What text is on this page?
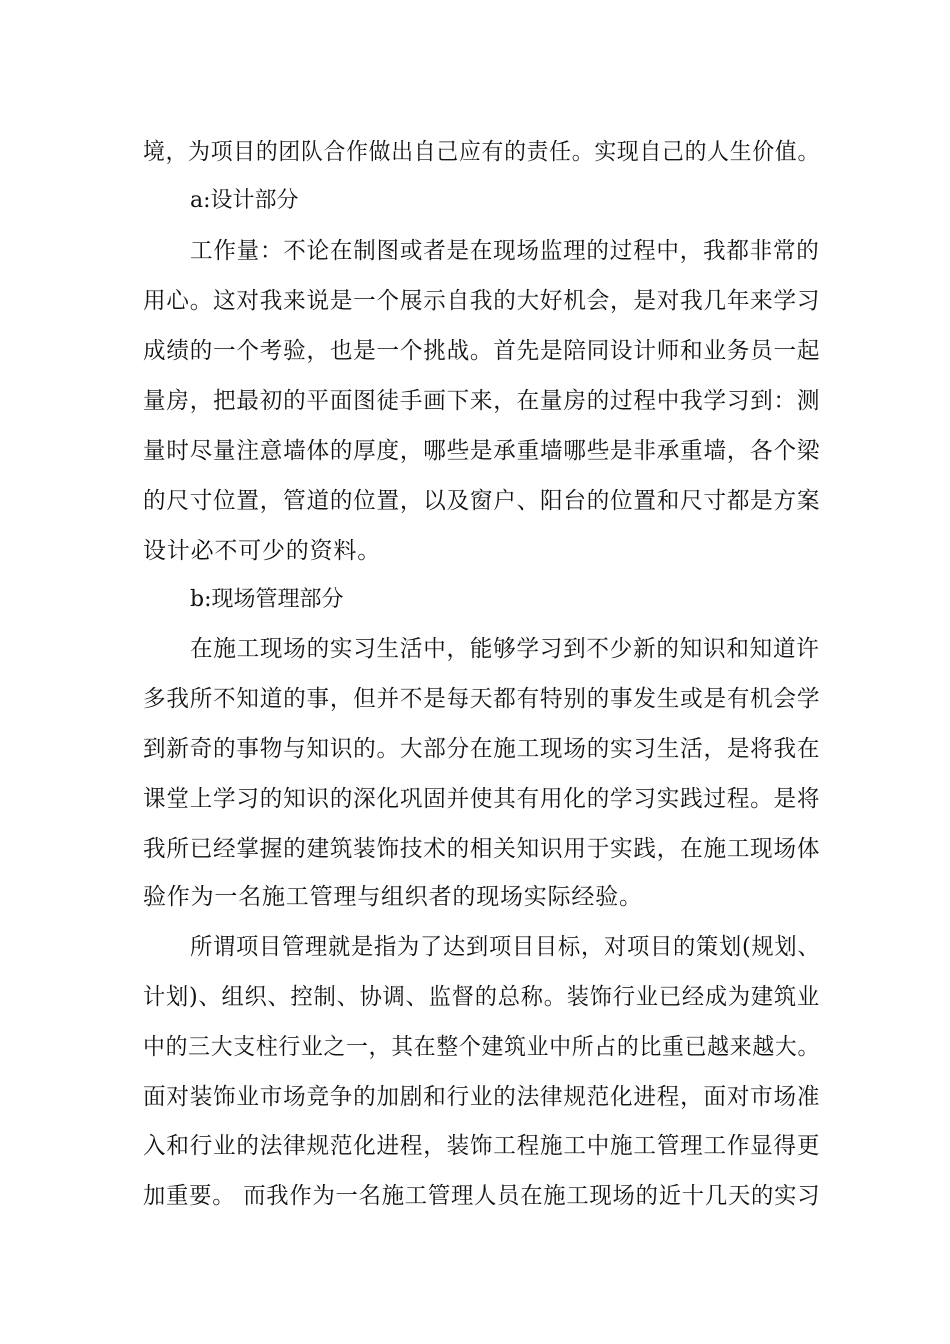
境，为项目的团队合作做出自己应有的责任。实现自己的人生价值。
a:设计部分
工作量：不论在制图或者是在现场监理的过程中，我都非常的
用心。这对我来说是一个展示自我的大好机会，是对我几年来学习
成绩的一个考验，也是一个挑战。首先是陪同设计师和业务员一起
量房，把最初的平面图徒手画下来，在量房的过程中我学习到：测
量时尽量注意墙体的厚度，哪些是承重墙哪些是非承重墙，各个梁
的尺寸位置，管道的位置，以及窗户、阳台的位置和尺寸都是方案
设计必不可少的资料。
b:现场管理部分
在施工现场的实习生活中，能够学习到不少新的知识和知道许
多我所不知道的事，但并不是每天都有特别的事发生或是有机会学
到新奇的事物与知识的。大部分在施工现场的实习生活，是将我在
课堂上学习的知识的深化巩固并使其有用化的学习实践过程。是将
我所已经掌握的建筑装饰技术的相关知识用于实践，在施工现场体
验作为一名施工管理与组织者的现场实际经验。
所谓项目管理就是指为了达到项目目标，对项目的策划(规划、
计划)、组织、控制、协调、监督的总称。装饰行业已经成为建筑业
中的三大支柱行业之一，其在整个建筑业中所占的比重已越来越大。
面对装饰业市场竞争的加剧和行业的法律规范化进程，面对市场准
入和行业的法律规范化进程，装饰工程施工中施工管理工作显得更
加重要。 而我作为一名施工管理人员在施工现场的近十几天的实习
